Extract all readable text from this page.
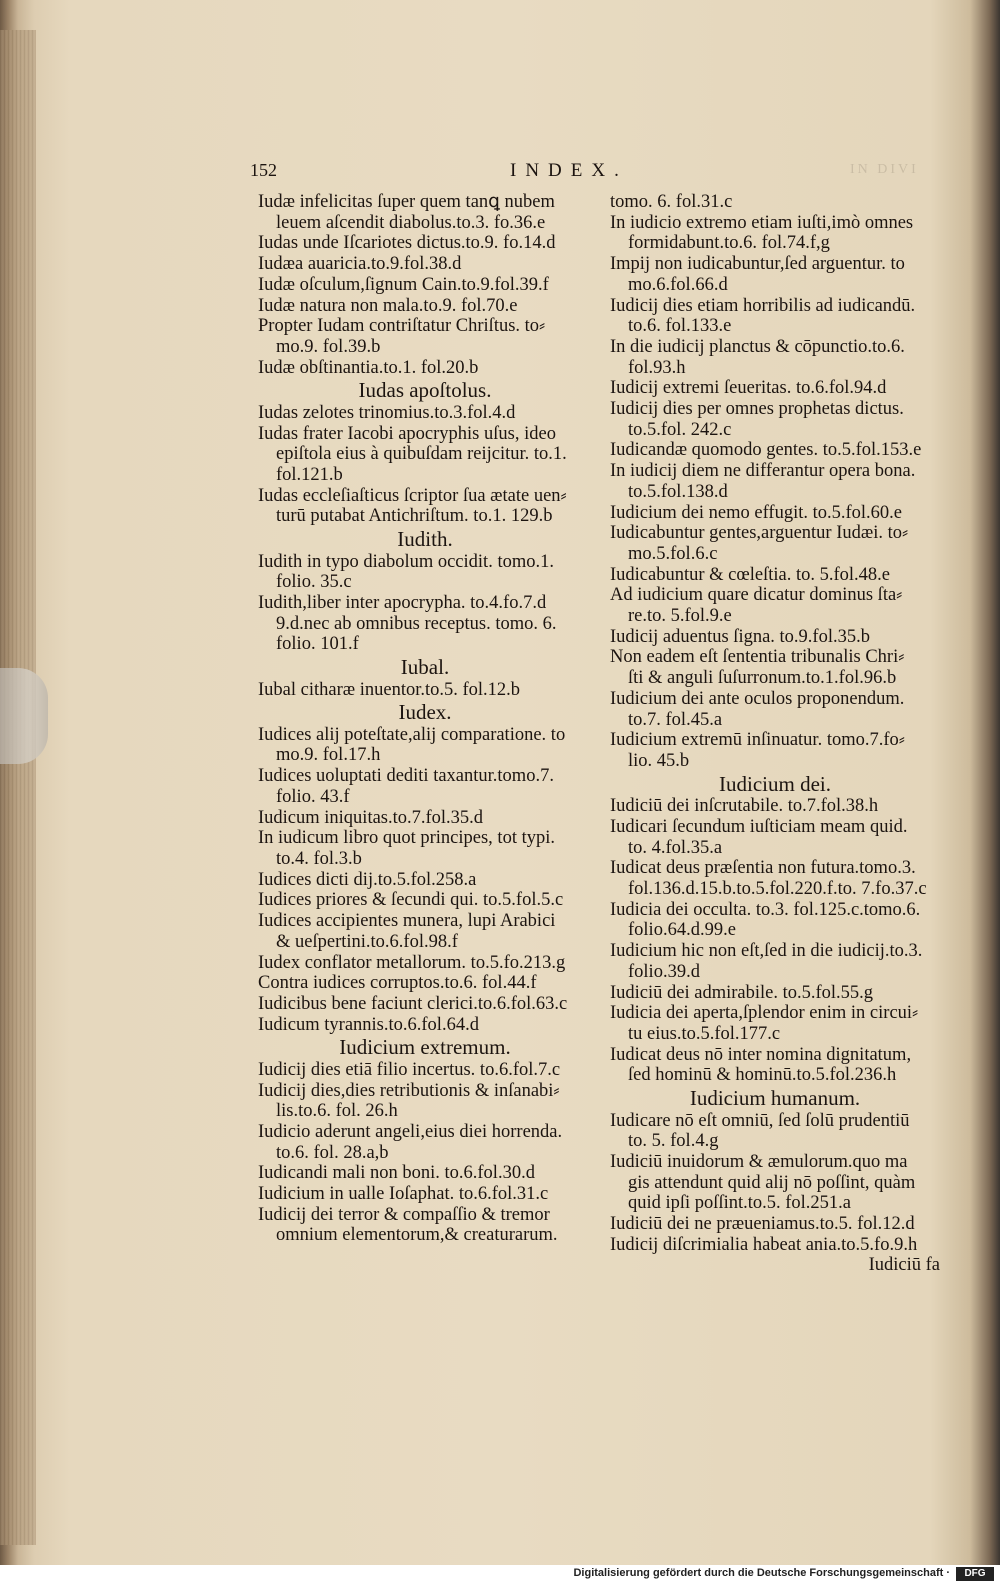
152	INDEX.	IN DIVI
Iudæ infelicitas ſuper quem tanꝗ nubem
leuem aſcendit diabolus.to.3. fo.36.e
Iudas unde Iſcariotes dictus.to.9. fo.14.d
Iudæa auaricia.to.9.fol.38.d
Iudæ oſculum,ſignum Cain.to.9.fol.39.f
Iudæ natura non mala.to.9. fol.70.e
Propter Iudam contriſtatur Chriſtus. to⸗
mo.9. fol.39.b
Iudæ obſtinantia.to.1. fol.20.b
Iudas apoſtolus.
Iudas zelotes trinomius.to.3.fol.4.d
Iudas frater Iacobi apocryphis uſus, ideo
epiſtola eius à quibuſdam reijcitur. to.1.
fol.121.b
Iudas eccleſiaſticus ſcriptor ſua ætate uen⸗
turū putabat Antichriſtum. to.1. 129.b
Iudith.
Iudith in typo diabolum occidit. tomo.1.
folio. 35.c
Iudith,liber inter apocrypha. to.4.fo.7.d
9.d.nec ab omnibus receptus. tomo. 6.
folio. 101.f
Iubal.
Iubal citharæ inuentor.to.5. fol.12.b
Iudex.
Iudices alij poteſtate,alij comparatione. to
mo.9. fol.17.h
Iudices uoluptati dediti taxantur.tomo.7.
folio. 43.f
Iudicum iniquitas.to.7.fol.35.d
In iudicum libro quot principes, tot typi.
to.4. fol.3.b
Iudices dicti dij.to.5.fol.258.a
Iudices priores & ſecundi qui. to.5.fol.5.c
Iudices accipientes munera, lupi Arabici
& ueſpertini.to.6.fol.98.f
Iudex conflator metallorum. to.5.fo.213.g
Contra iudices corruptos.to.6. fol.44.f
Iudicibus bene faciunt clerici.to.6.fol.63.c
Iudicum tyrannis.to.6.fol.64.d
Iudicium extremum.
Iudicij dies etiā filio incertus. to.6.fol.7.c
Iudicij dies,dies retributionis & inſanabi⸗
lis.to.6. fol. 26.h
Iudicio aderunt angeli,eius diei horrenda.
to.6. fol. 28.a,b
Iudicandi mali non boni. to.6.fol.30.d
Iudicium in ualle Ioſaphat. to.6.fol.31.c
Iudicij dei terror & compaſſio & tremor
omnium elementorum,& creaturarum.
tomo. 6. fol.31.c
In iudicio extremo etiam iuſti,imò omnes
formidabunt.to.6. fol.74.f,g
Impij non iudicabuntur,ſed arguentur. to
mo.6.fol.66.d
Iudicij dies etiam horribilis ad iudicandū.
to.6. fol.133.e
In die iudicij planctus & cōpunctio.to.6.
fol.93.h
Iudicij extremi ſeueritas. to.6.fol.94.d
Iudicij dies per omnes prophetas dictus.
to.5.fol. 242.c
Iudicandæ quomodo gentes. to.5.fol.153.e
In iudicij diem ne differantur opera bona.
to.5.fol.138.d
Iudicium dei nemo effugit. to.5.fol.60.e
Iudicabuntur gentes,arguentur Iudæi. to⸗
mo.5.fol.6.c
Iudicabuntur & cœleſtia. to. 5.fol.48.e
Ad iudicium quare dicatur dominus ſta⸗
re.to. 5.fol.9.e
Iudicij aduentus ſigna. to.9.fol.35.b
Non eadem eſt ſententia tribunalis Chri⸗
ſti & anguli ſuſurronum.to.1.fol.96.b
Iudicium dei ante oculos proponendum.
to.7. fol.45.a
Iudicium extremū inſinuatur. tomo.7.fo⸗
lio. 45.b
Iudicium dei.
Iudiciū dei inſcrutabile. to.7.fol.38.h
Iudicari ſecundum iuſticiam meam quid.
to. 4.fol.35.a
Iudicat deus præſentia non futura.tomo.3.
fol.136.d.15.b.to.5.fol.220.f.to. 7.fo.37.c
Iudicia dei occulta. to.3. fol.125.c.tomo.6.
folio.64.d.99.e
Iudicium hic non eſt,ſed in die iudicij.to.3.
folio.39.d
Iudiciū dei admirabile. to.5.fol.55.g
Iudicia dei aperta,ſplendor enim in circui⸗
tu eius.to.5.fol.177.c
Iudicat deus nō inter nomina dignitatum,
ſed hominū & hominū.to.5.fol.236.h
Iudicium humanum.
Iudicare nō eſt omniū, ſed ſolū prudentiū
to. 5. fol.4.g
Iudiciū inuidorum & æmulorum.quo ma
gis attendunt quid alij nō poſſint, quàm
quid ipſi poſſint.to.5. fol.251.a
Iudiciū dei ne præueniamus.to.5. fol.12.d
Iudicij diſcrimialia habeat ania.to.5.fo.9.h
Iudiciū fa
Digitalisierung gefördert durch die Deutsche Forschungsgemeinschaft ·	DFG
